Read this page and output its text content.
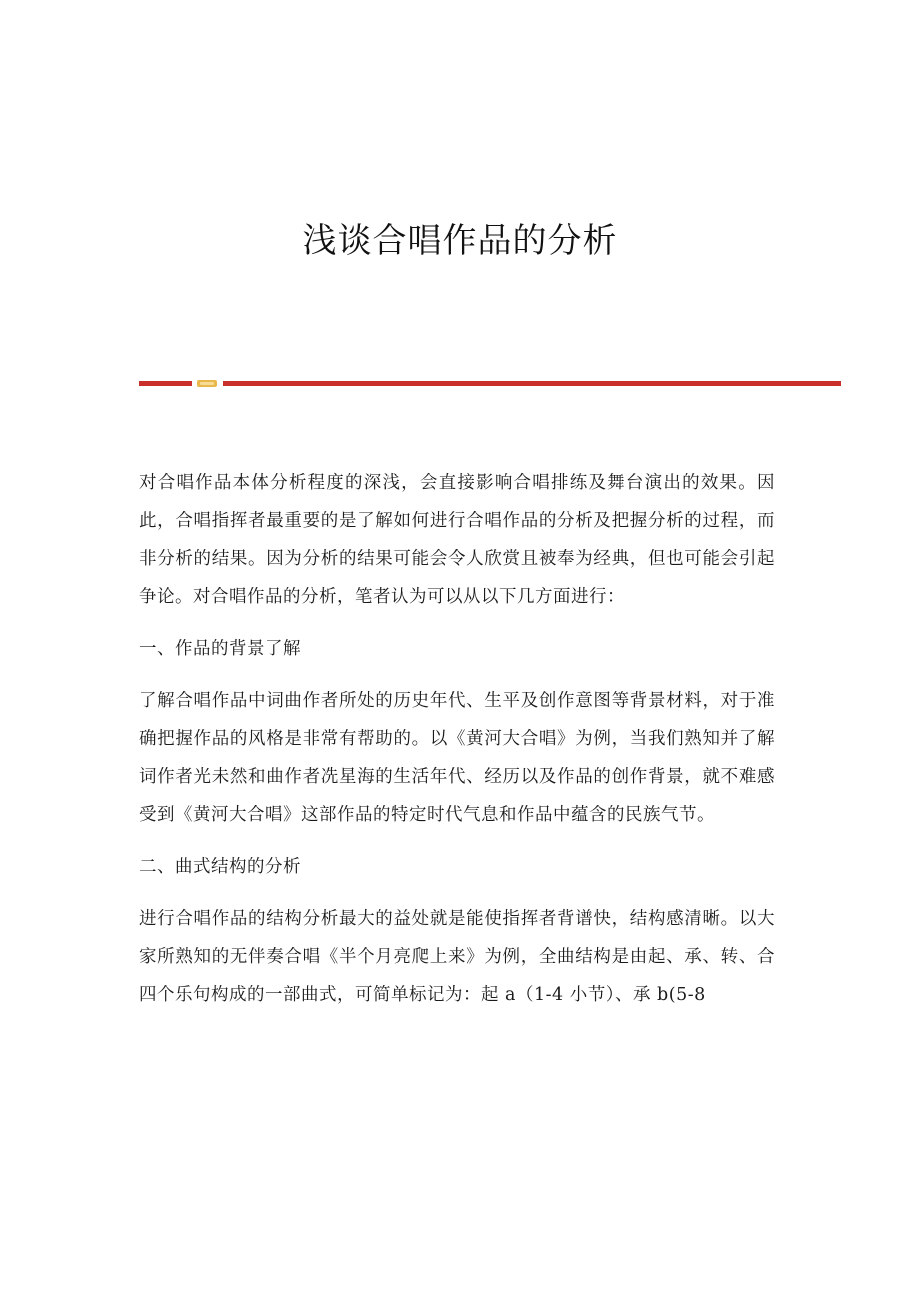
浅谈合唱作品的分析

对合唱作品本体分析程度的深浅，会直接影响合唱排练及舞台演出的效果。因此，合唱指挥者最重要的是了解如何进行合唱作品的分析及把握分析的过程，而非分析的结果。因为分析的结果可能会令人欣赏且被奉为经典，但也可能会引起争论。对合唱作品的分析，笔者认为可以从以下几方面进行：

一、作品的背景了解

了解合唱作品中词曲作者所处的历史年代、生平及创作意图等背景材料，对于准确把握作品的风格是非常有帮助的。以《黄河大合唱》为例，当我们熟知并了解词作者光未然和曲作者冼星海的生活年代、经历以及作品的创作背景，就不难感受到《黄河大合唱》这部作品的特定时代气息和作品中蕴含的民族气节。

二、曲式结构的分析

进行合唱作品的结构分析最大的益处就是能使指挥者背谱快，结构感清晰。以大家所熟知的无伴奏合唱《半个月亮爬上来》为例，全曲结构是由起、承、转、合四个乐句构成的一部曲式，可简单标记为：起 a（1-4 小节）、承 b(5-8
